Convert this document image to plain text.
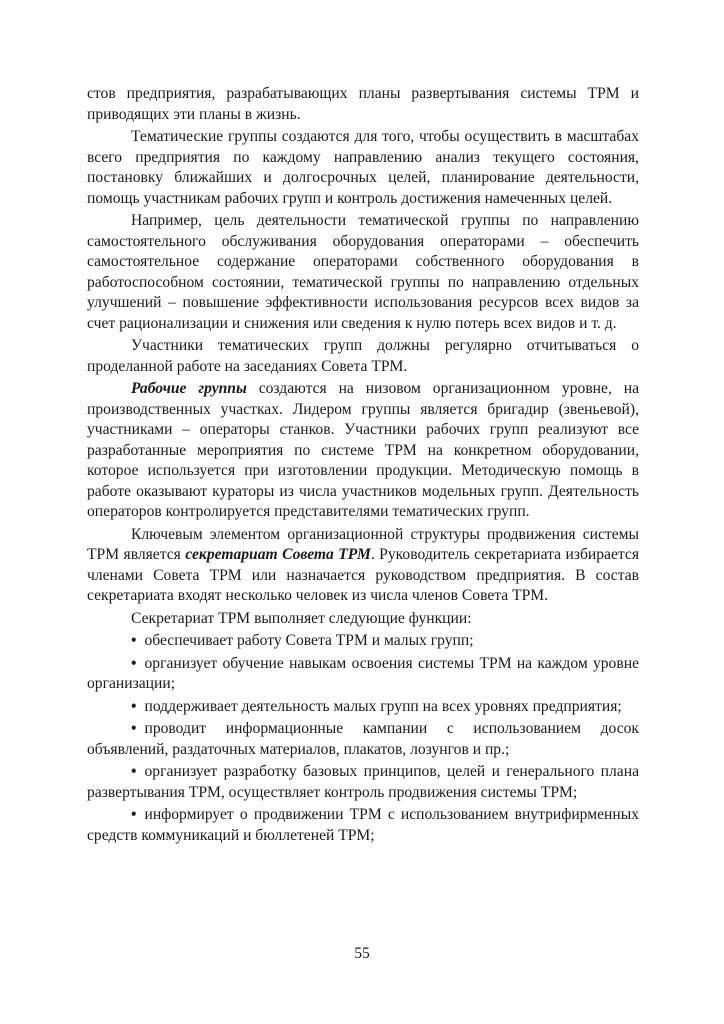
стов предприятия, разрабатывающих планы развертывания системы ТРМ и приводящих эти планы в жизнь.

Тематические группы создаются для того, чтобы осуществить в масштабах всего предприятия по каждому направлению анализ текущего состояния, постановку ближайших и долгосрочных целей, планирование деятельности, помощь участникам рабочих групп и контроль достижения намеченных целей.

Например, цель деятельности тематической группы по направлению самостоятельного обслуживания оборудования операторами – обеспечить самостоятельное содержание операторами собственного оборудования в работоспособном состоянии, тематической группы по направлению отдельных улучшений – повышение эффективности использования ресурсов всех видов за счет рационализации и снижения или сведения к нулю потерь всех видов и т. д.

Участники тематических групп должны регулярно отчитываться о проделанной работе на заседаниях Совета ТРМ.

Рабочие группы создаются на низовом организационном уровне, на производственных участках. Лидером группы является бригадир (звеньевой), участниками – операторы станков. Участники рабочих групп реализуют все разработанные мероприятия по системе ТРМ на конкретном оборудовании, которое используется при изготовлении продукции. Методическую помощь в работе оказывают кураторы из числа участников модельных групп. Деятельность операторов контролируется представителями тематических групп.

Ключевым элементом организационной структуры продвижения системы ТРМ является секретариат Совета ТРМ. Руководитель секретариата избирается членами Совета ТРМ или назначается руководством предприятия. В состав секретариата входят несколько человек из числа членов Совета ТРМ.

Секретариат ТРМ выполняет следующие функции:

• обеспечивает работу Совета ТРМ и малых групп;

• организует обучение навыкам освоения системы ТРМ на каждом уровне организации;

• поддерживает деятельность малых групп на всех уровнях предприятия;

• проводит информационные кампании с использованием досок объявлений, раздаточных материалов, плакатов, лозунгов и пр.;

• организует разработку базовых принципов, целей и генерального плана развертывания ТРМ, осуществляет контроль продвижения системы ТРМ;

• информирует о продвижении ТРМ с использованием внутрифирменных средств коммуникаций и бюллетеней ТРМ;

55
